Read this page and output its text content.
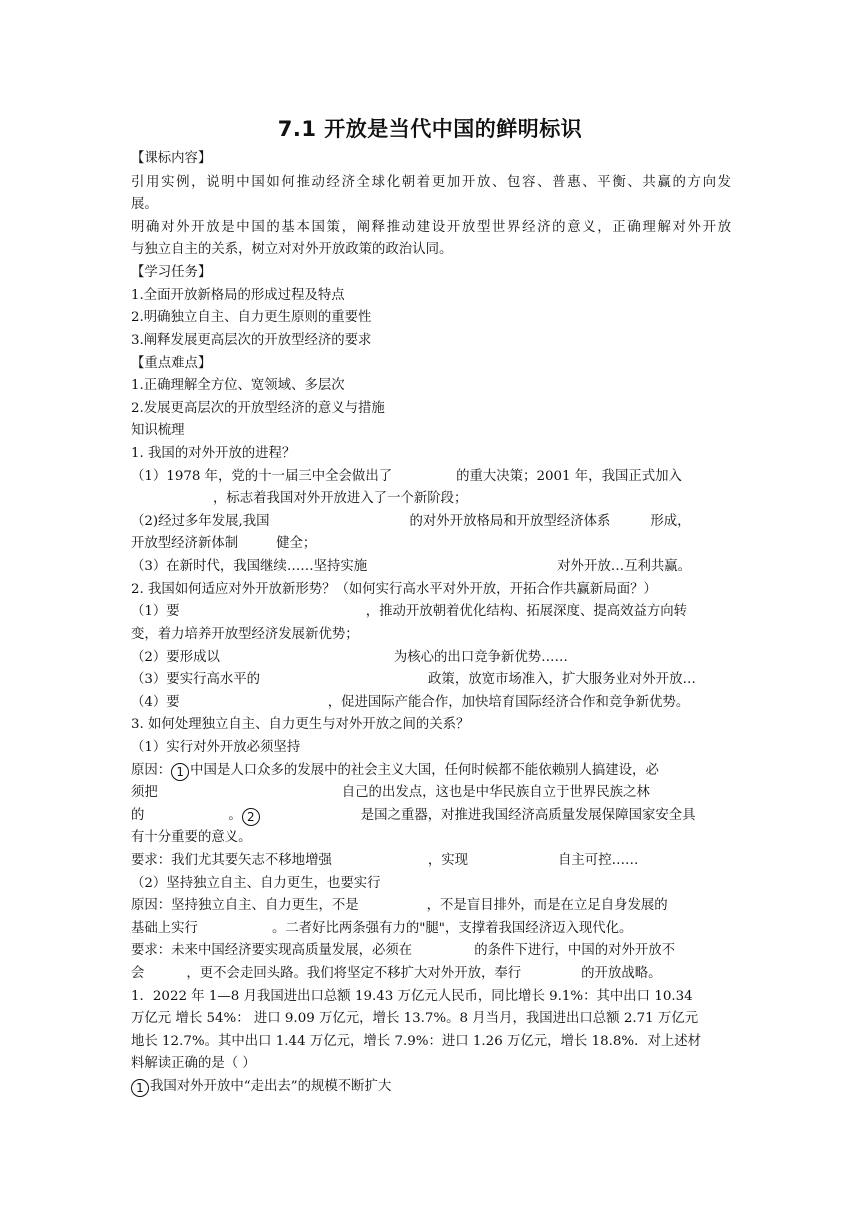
7.1 开放是当代中国的鲜明标识
【课标内容】
引用实例，说明中国如何推动经济全球化朝着更加开放、包容、普惠、平衡、共赢的方向发
展。
明确对外开放是中国的基本国策，阐释推动建设开放型世界经济的意义，正确理解对外开放
与独立自主的关系，树立对对外开放政策的政治认同。
【学习任务】
1.全面开放新格局的形成过程及特点
2.明确独立自主、自力更生原则的重要性
3.阐释发展更高层次的开放型经济的要求
【重点难点】
1.正确理解全方位、宽领域、多层次
2.发展更高层次的开放型经济的意义与措施
知识梳理
1. 我国的对外开放的进程？
（1）1978 年，党的十一届三中全会做出了	的重大决策；2001 年，我国正式加入
，标志着我国对外开放进入了一个新阶段；
（2)经过多年发展,我国	的对外开放格局和开放型经济体系	形成，
开放型经济新体制	健全；
（3）在新时代，我国继续……坚持实施	对外开放…互利共赢。
2. 我国如何适应对外开放新形势？（如何实行高水平对外开放，开拓合作共赢新局面？）
（1）要	，推动开放朝着优化结构、拓展深度、提高效益方向转
变，着力培养开放型经济发展新优势；
（2）要形成以	为核心的出口竞争新优势……
（3）要实行高水平的	政策，放宽市场准入，扩大服务业对外开放…
（4）要	，促进国际产能合作，加快培育国际经济合作和竞争新优势。
3. 如何处理独立自主、自力更生与对外开放之间的关系？
（1）实行对外开放必须坚持
原因： 1 中国是人口众多的发展中的社会主义大国，任何时候都不能依赖别人搞建设，必
须把	自己的出发点，这也是中华民族自立于世界民族之林
的	。 2	是国之重器，对推进我国经济高质量发展保障国家安全具
有十分重要的意义。
要求：我们尤其要矢志不移地增强	，实现	自主可控……
（2）坚持独立自主、自力更生，也要实行
原因：坚持独立自主、自力更生，不是	，不是盲目排外，而是在立足自身发展的
基础上实行	。二者好比两条强有力的"腿"，支撑着我国经济迈入现代化。
要求：未来中国经济要实现高质量发展，必须在	的条件下进行，中国的对外开放不
会	，更不会走回头路。我们将坚定不移扩大对外开放，奉行	的开放战略。
1．2022 年 1—8 月我国进出口总额 19.43 万亿元人民币，同比增长 9.1%：其中出口 10.34
万亿元 增长 54%： 进口 9.09 万亿元，增长 13.7%。8 月当月，我国进出口总额 2.71 万亿元
地长 12.7%。其中出口 1.44 万亿元，增长 7.9%：进口 1.26 万亿元，增长 18.8%．对上述材
料解读正确的是（ ）
1 我国对外开放中“走出去”的规模不断扩大
